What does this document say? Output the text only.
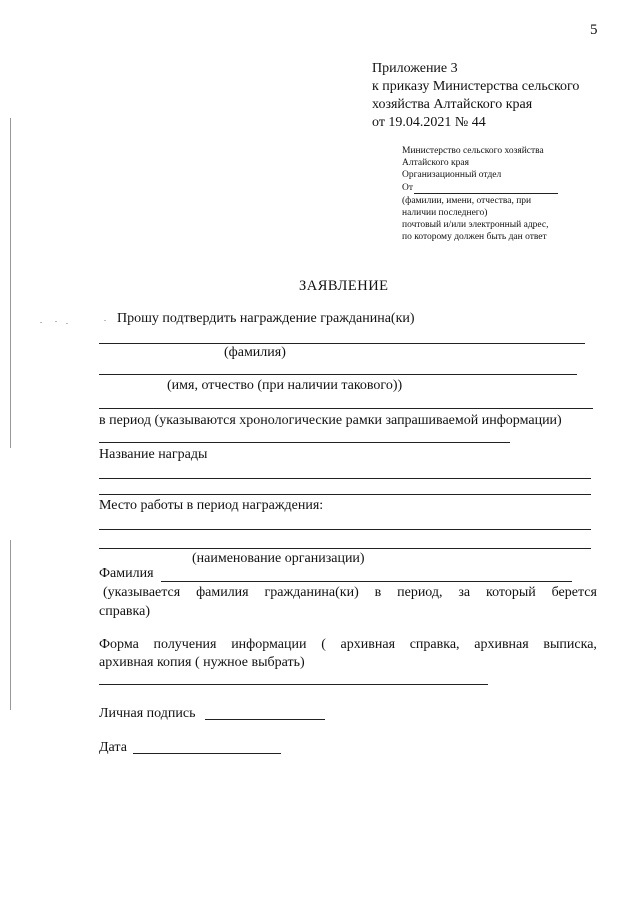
5
Приложение 3
к приказу Министерства сельского
хозяйства Алтайского края
от 19.04.2021 № 44
Министерство сельского хозяйства
Алтайского края
Организационный отдел
От
(фамилии, имени, отчества, при
наличии последнего)
почтовый и/или электронный адрес,
по которому должен быть дан ответ
ЗАЯВЛЕНИЕ
Прошу подтвердить награждение гражданина(ки)
(фамилия)
(имя, отчество (при наличии такового))
в период (указываются хронологические рамки запрашиваемой информации)
Название награды
Место работы в период награждения:
(наименование организации)
Фамилия
(указывается фамилия гражданина(ки) в период, за который берется
справка)
Форма получения информации ( архивная справка, архивная выписка,
архивная копия ( нужное выбрать)
Личная подпись
Дата
